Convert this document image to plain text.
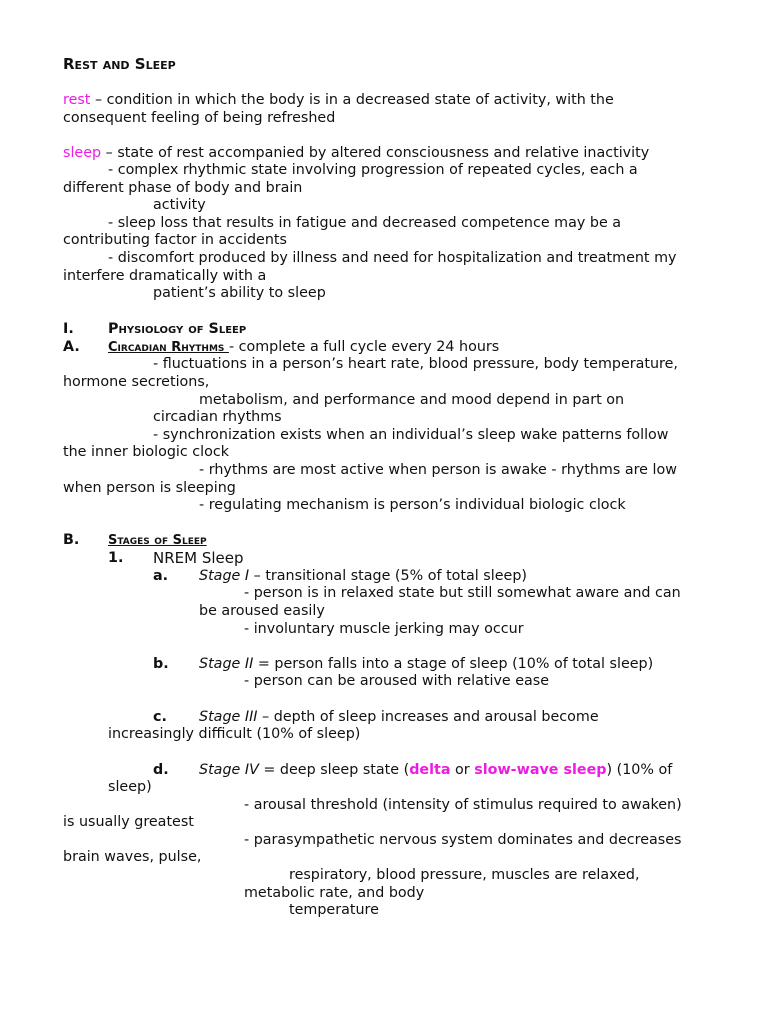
Rest and Sleep
rest – condition in which the body is in a decreased state of activity, with the
consequent feeling of being refreshed
sleep – state of rest accompanied by altered consciousness and relative inactivity
- complex rhythmic state involving progression of repeated cycles, each a
different phase of body and brain
activity
- sleep loss that results in fatigue and decreased competence may be a
contributing factor in accidents
- discomfort produced by illness and need for hospitalization and treatment my
interfere dramatically with a
patient’s ability to sleep
I. Physiology of Sleep
A. Circadian Rhythms - complete a full cycle every 24 hours
- fluctuations in a person’s heart rate, blood pressure, body temperature,
hormone secretions,
metabolism, and performance and mood depend in part on
circadian rhythms
- synchronization exists when an individual’s sleep wake patterns follow
the inner biologic clock
- rhythms are most active when person is awake - rhythms are low
when person is sleeping
- regulating mechanism is person’s individual biologic clock
B. Stages of Sleep
1. NREM Sleep
a. Stage I – transitional stage (5% of total sleep)
- person is in relaxed state but still somewhat aware and can
be aroused easily
- involuntary muscle jerking may occur
b. Stage II = person falls into a stage of sleep (10% of total sleep)
- person can be aroused with relative ease
c. Stage III – depth of sleep increases and arousal become
increasingly difficult (10% of sleep)
d. Stage IV = deep sleep state (delta or slow-wave sleep) (10% of
sleep)
- arousal threshold (intensity of stimulus required to awaken)
is usually greatest
- parasympathetic nervous system dominates and decreases
brain waves, pulse,
respiratory, blood pressure, muscles are relaxed,
metabolic rate, and body
temperature
